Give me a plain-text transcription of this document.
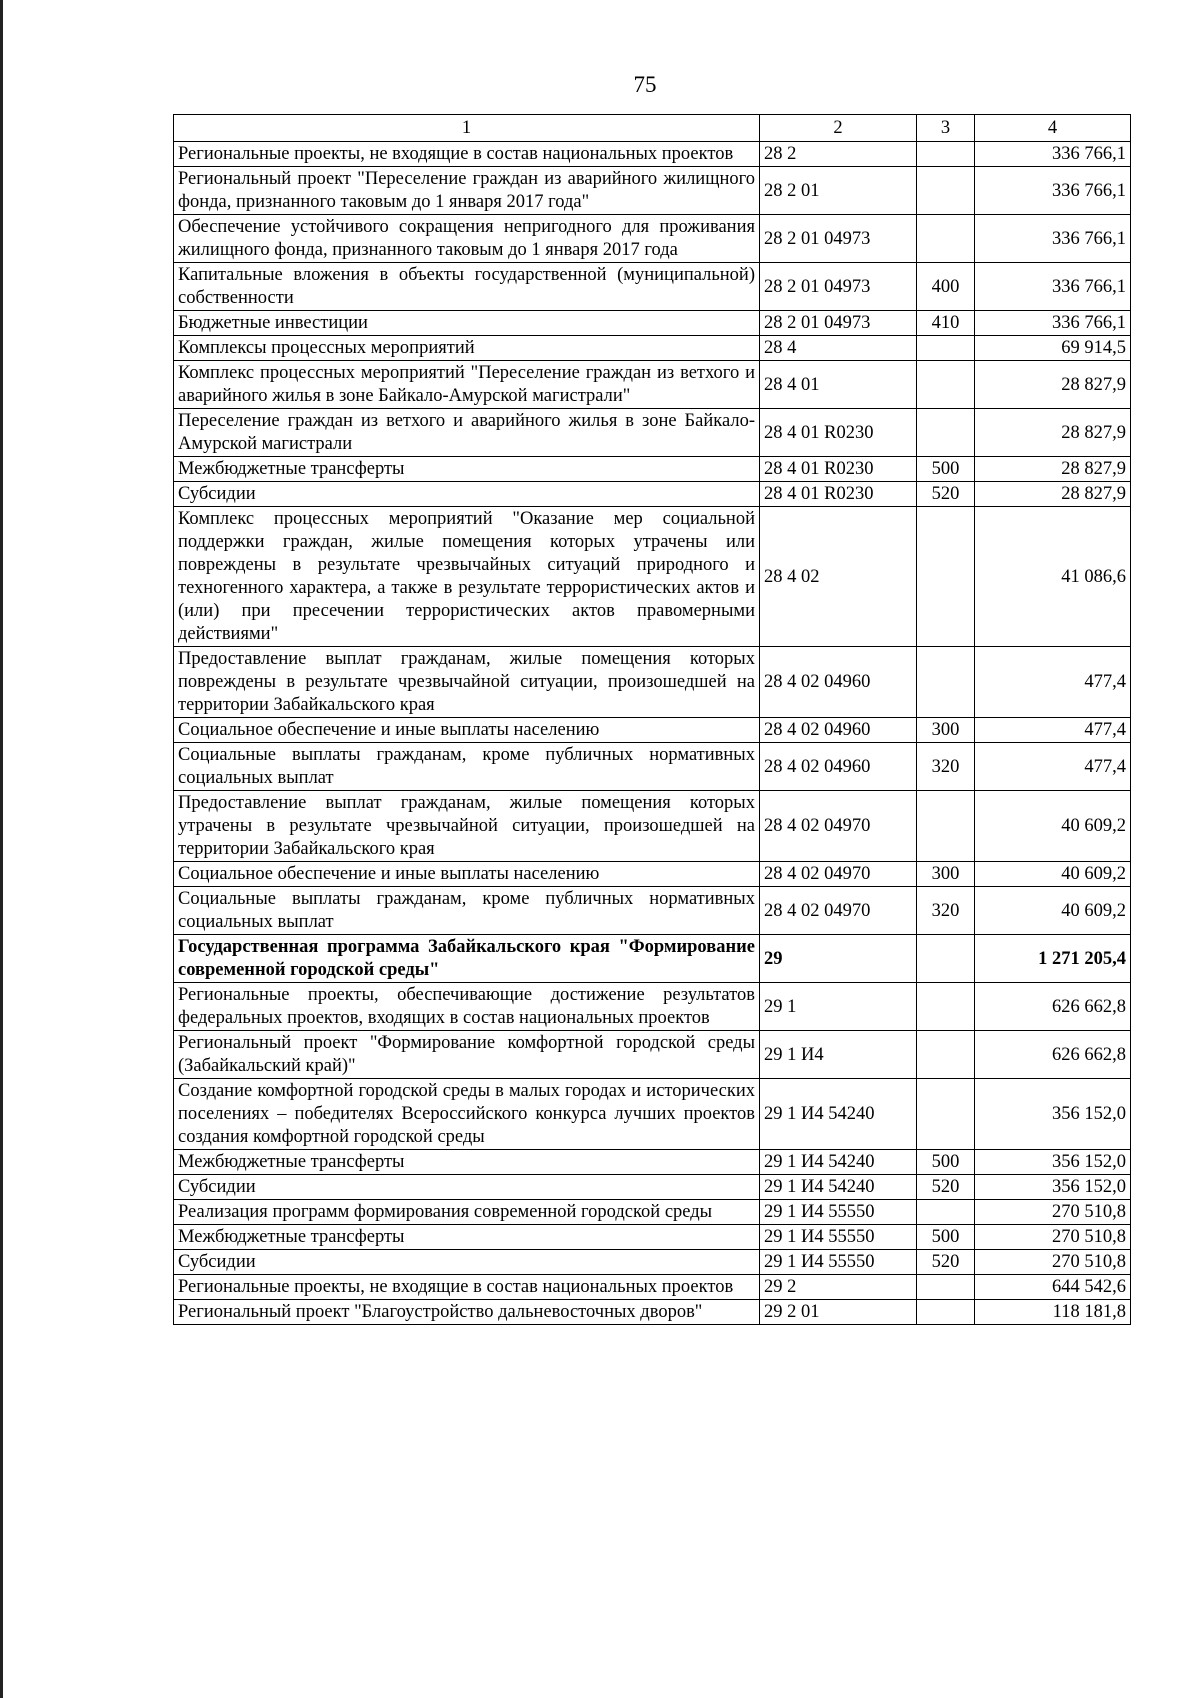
75
1	2	3	4
Региональные проекты, не входящие в состав национальных проектов	28 2		336 766,1
Региональный проект "Переселение граждан из аварийного жилищного фонда, признанного таковым до 1 января 2017 года"	28 2 01		336 766,1
Обеспечение устойчивого сокращения непригодного для проживания жилищного фонда, признанного таковым до 1 января 2017 года	28 2 01 04973		336 766,1
Капитальные вложения в объекты государственной (муниципальной) собственности	28 2 01 04973	400	336 766,1
Бюджетные инвестиции	28 2 01 04973	410	336 766,1
Комплексы процессных мероприятий	28 4		69 914,5
Комплекс процессных мероприятий "Переселение граждан из ветхого и аварийного жилья в зоне Байкало-Амурской магистрали"	28 4 01		28 827,9
Переселение граждан из ветхого и аварийного жилья в зоне Байкало-Амурской магистрали	28 4 01 R0230		28 827,9
Межбюджетные трансферты	28 4 01 R0230	500	28 827,9
Субсидии	28 4 01 R0230	520	28 827,9
Комплекс процессных мероприятий "Оказание мер социальной поддержки граждан, жилые помещения которых утрачены или повреждены в результате чрезвычайных ситуаций природного и техногенного характера, а также в результате террористических актов и (или) при пресечении террористических актов правомерными действиями"	28 4 02		41 086,6
Предоставление выплат гражданам, жилые помещения которых повреждены в результате чрезвычайной ситуации, произошедшей на территории Забайкальского края	28 4 02 04960		477,4
Социальное обеспечение и иные выплаты населению	28 4 02 04960	300	477,4
Социальные выплаты гражданам, кроме публичных нормативных социальных выплат	28 4 02 04960	320	477,4
Предоставление выплат гражданам, жилые помещения которых утрачены в результате чрезвычайной ситуации, произошедшей на территории Забайкальского края	28 4 02 04970		40 609,2
Социальное обеспечение и иные выплаты населению	28 4 02 04970	300	40 609,2
Социальные выплаты гражданам, кроме публичных нормативных социальных выплат	28 4 02 04970	320	40 609,2
Государственная программа Забайкальского края "Формирование современной городской среды"	29		1 271 205,4
Региональные проекты, обеспечивающие достижение результатов федеральных проектов, входящих в состав национальных проектов	29 1		626 662,8
Региональный проект "Формирование комфортной городской среды (Забайкальский край)"	29 1 И4		626 662,8
Создание комфортной городской среды в малых городах и исторических поселениях – победителях Всероссийского конкурса лучших проектов создания комфортной городской среды	29 1 И4 54240		356 152,0
Межбюджетные трансферты	29 1 И4 54240	500	356 152,0
Субсидии	29 1 И4 54240	520	356 152,0
Реализация программ формирования современной городской среды	29 1 И4 55550		270 510,8
Межбюджетные трансферты	29 1 И4 55550	500	270 510,8
Субсидии	29 1 И4 55550	520	270 510,8
Региональные проекты, не входящие в состав национальных проектов	29 2		644 542,6
Региональный проект "Благоустройство дальневосточных дворов"	29 2 01		118 181,8
